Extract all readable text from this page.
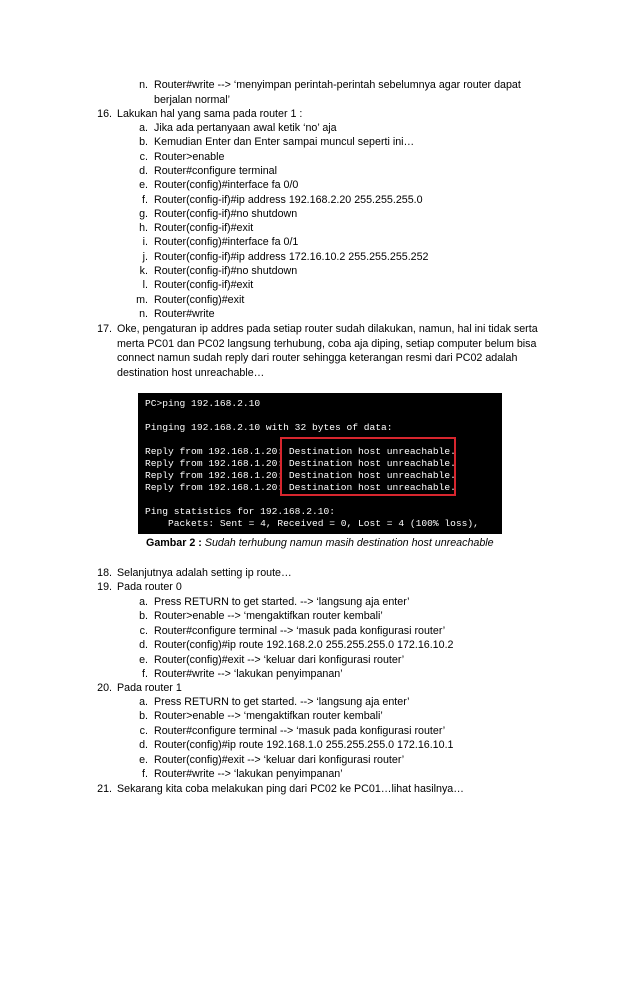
n. Router#write --> ‘menyimpan perintah-perintah sebelumnya agar router dapat
berjalan normal’
16. Lakukan hal yang sama pada router 1 :
a. Jika ada pertanyaan awal ketik ‘no’ aja
b. Kemudian Enter dan Enter sampai muncul seperti ini…
c. Router>enable
d. Router#configure terminal
e. Router(config)#interface fa 0/0
f. Router(config-if)#ip address 192.168.2.20 255.255.255.0
g. Router(config-if)#no shutdown
h. Router(config-if)#exit
i. Router(config)#interface fa 0/1
j. Router(config-if)#ip address 172.16.10.2 255.255.255.252
k. Router(config-if)#no shutdown
l. Router(config-if)#exit
m. Router(config)#exit
n. Router#write
17. Oke, pengaturan ip addres pada setiap router sudah dilakukan, namun, hal ini tidak serta
merta PC01 dan PC02 langsung terhubung, coba aja diping, setiap computer belum bisa
connect namun sudah reply dari router sehingga keterangan resmi dari PC02 adalah
destination host unreachable…
PC>ping 192.168.2.10
Pinging 192.168.2.10 with 32 bytes of data:
Reply from 192.168.1.20: Destination host unreachable.
Reply from 192.168.1.20: Destination host unreachable.
Reply from 192.168.1.20: Destination host unreachable.
Reply from 192.168.1.20: Destination host unreachable.
Ping statistics for 192.168.2.10:
Packets: Sent = 4, Received = 0, Lost = 4 (100% loss),
Gambar 2 : Sudah terhubung namun masih destination host unreachable
18. Selanjutnya adalah setting ip route…
19. Pada router 0
a. Press RETURN to get started. --> ‘langsung aja enter’
b. Router>enable --> ‘mengaktifkan router kembali’
c. Router#configure terminal --> ‘masuk pada konfigurasi router’
d. Router(config)#ip route 192.168.2.0 255.255.255.0 172.16.10.2
e. Router(config)#exit --> ‘keluar dari konfigurasi router’
f. Router#write --> ‘lakukan penyimpanan’
20. Pada router 1
a. Press RETURN to get started. --> ‘langsung aja enter’
b. Router>enable --> ‘mengaktifkan router kembali’
c. Router#configure terminal --> ‘masuk pada konfigurasi router’
d. Router(config)#ip route 192.168.1.0 255.255.255.0 172.16.10.1
e. Router(config)#exit --> ‘keluar dari konfigurasi router’
f. Router#write --> ‘lakukan penyimpanan’
21. Sekarang kita coba melakukan ping dari PC02 ke PC01…lihat hasilnya…
